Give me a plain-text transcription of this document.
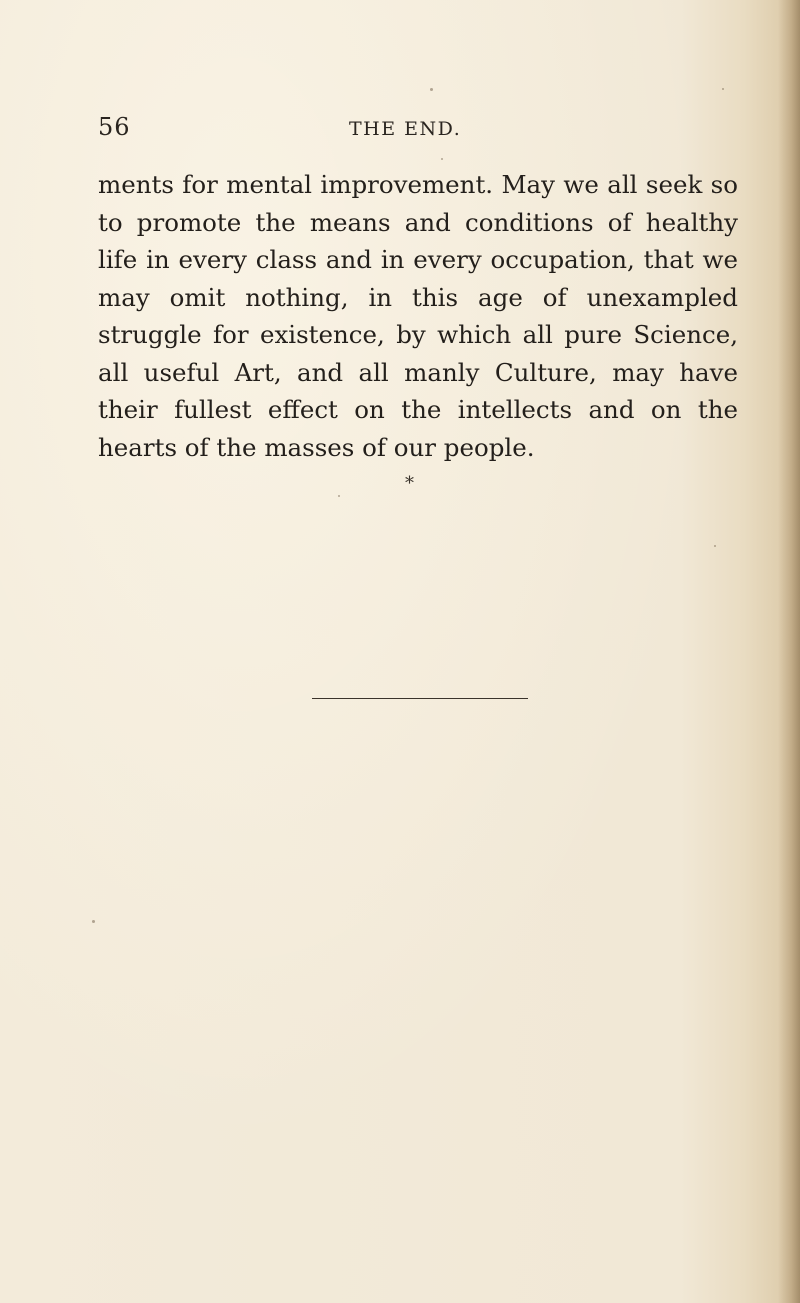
56	THE END.

ments for mental improvement. May we all seek so to promote the means and conditions of healthy life in every class and in every occupation, that we may omit nothing, in this age of unexampled struggle for existence, by which all pure Science, all useful Art, and all manly Culture, may have their fullest effect on the intellects and on the hearts of the masses of our people.

*
